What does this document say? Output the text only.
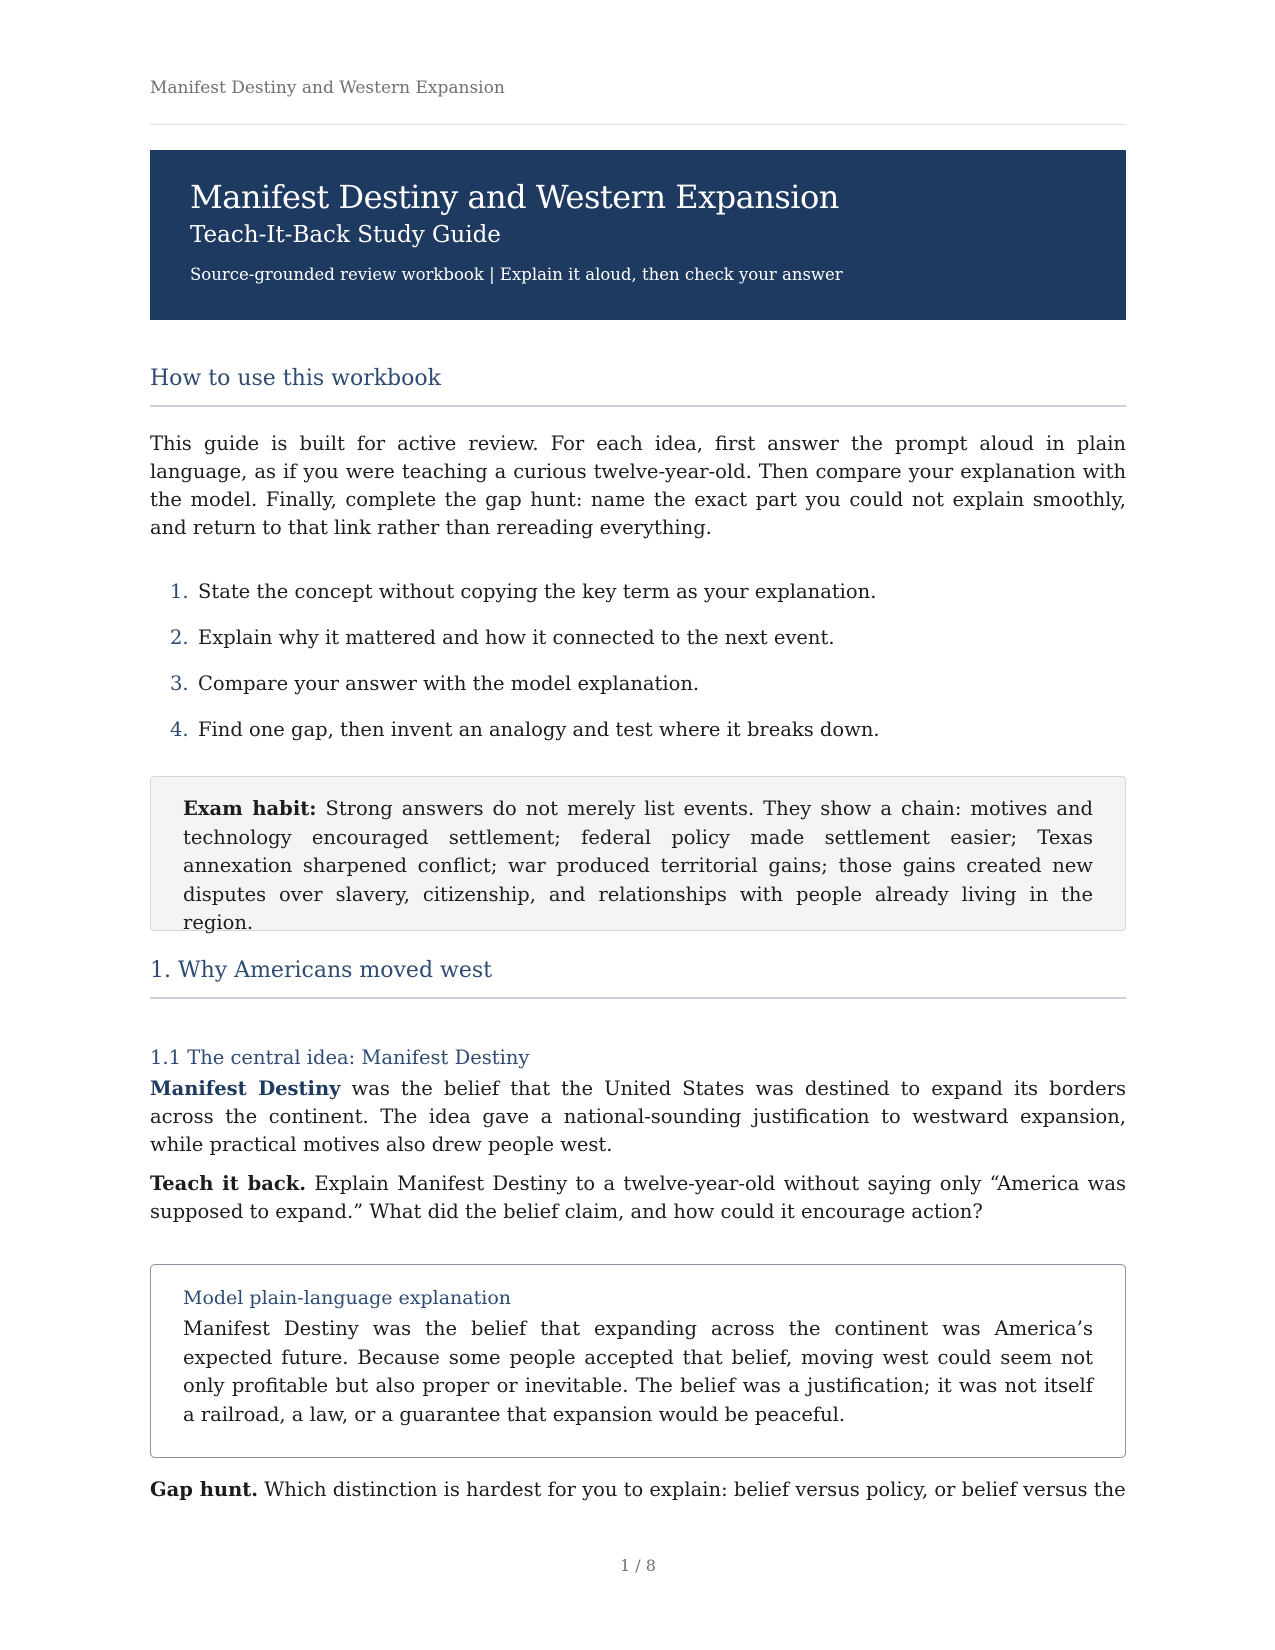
Manifest Destiny and Western Expansion
Manifest Destiny and Western Expansion
Teach-It-Back Study Guide
Source-grounded review workbook | Explain it aloud, then check your answer
How to use this workbook

This guide is built for active review. For each idea, first answer the prompt aloud in plain language, as if you were teaching a curious twelve-year-old. Then compare your explanation with the model. Finally, complete the gap hunt: name the exact part you could not explain smoothly, and return to that link rather than rereading everything.

1. State the concept without copying the key term as your explanation.
2. Explain why it mattered and how it connected to the next event.
3. Compare your answer with the model explanation.
4. Find one gap, then invent an analogy and test where it breaks down.

Exam habit: Strong answers do not merely list events. They show a chain: motives and technology encouraged settlement; federal policy made settlement easier; Texas annexation sharpened conflict; war produced territorial gains; those gains created new disputes over slavery, citizenship, and relationships with people already living in the region.

1. Why Americans moved west
1.1 The central idea: Manifest Destiny

Manifest Destiny was the belief that the United States was destined to expand its borders across the continent. The idea gave a national-sounding justification to westward expansion, while practical motives also drew people west.

Teach it back. Explain Manifest Destiny to a twelve-year-old without saying only “America was supposed to expand.” What did the belief claim, and how could it encourage action?

Model plain-language explanation

Manifest Destiny was the belief that expanding across the continent was America’s expected future. Because some people accepted that belief, moving west could seem not only profitable but also proper or inevitable. The belief was a justification; it was not itself a railroad, a law, or a guarantee that expansion would be peaceful.

Gap hunt. Which distinction is hardest for you to explain: belief versus policy, or belief versus the

1 / 8
